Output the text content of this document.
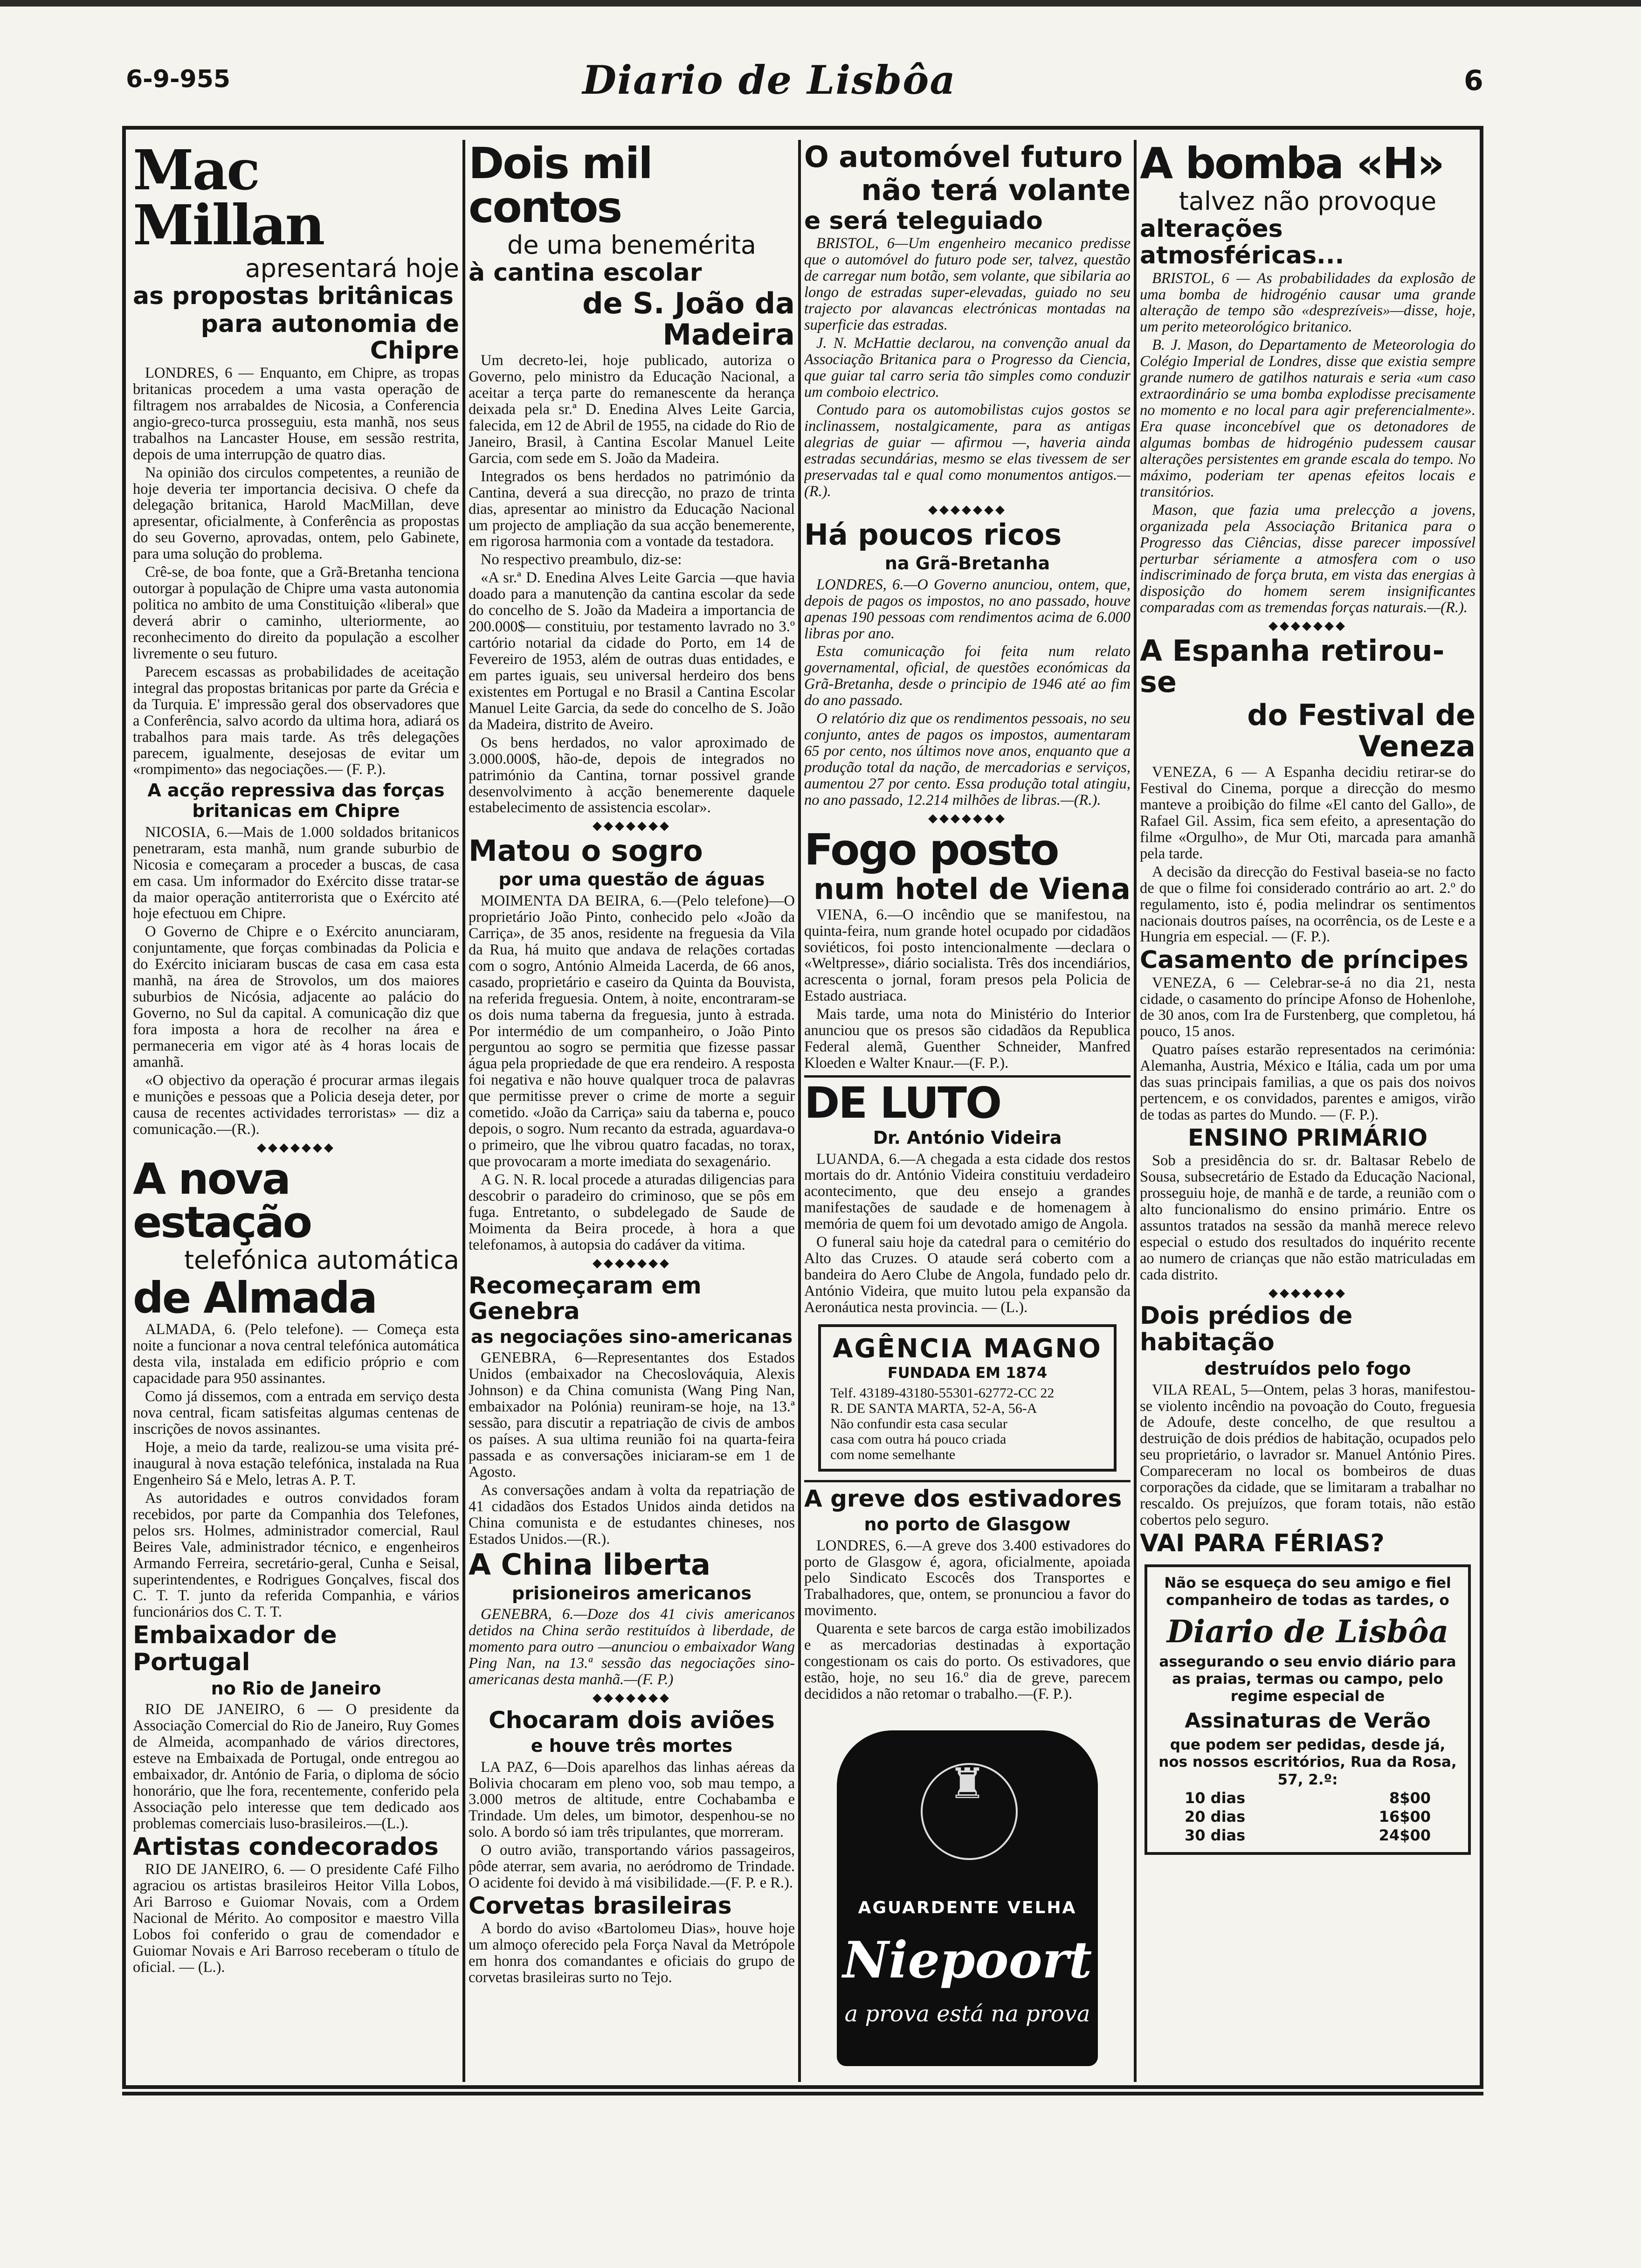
6-9-955	Diario de Lisbôa	6
Mac Millan
apresentará hoje
as propostas britânicas
para autonomia de Chipre

LONDRES, 6 — Enquanto, em Chipre, as tropas britanicas procedem a uma vasta operação de filtragem nos arrabaldes de Nicosia, a Conferencia angio-greco-turca prosseguiu, esta manhã, nos seus trabalhos na Lancaster House, em sessão restrita, depois de uma interrupção de quatro dias.

Na opinião dos circulos competentes, a reunião de hoje deveria ter importancia decisiva. O chefe da delegação britanica, Harold MacMillan, deve apresentar, oficialmente, à Conferência as propostas do seu Governo, aprovadas, ontem, pelo Gabinete, para uma solução do problema.

Crê-se, de boa fonte, que a Grã-Bretanha tenciona outorgar à população de Chipre uma vasta autonomia politica no ambito de uma Constituição «liberal» que deverá abrir o caminho, ulteriormente, ao reconhecimento do direito da população a escolher livremente o seu futuro.

Parecem escassas as probabilidades de aceitação integral das propostas britanicas por parte da Grécia e da Turquia. E' impressão geral dos observadores que a Conferência, salvo acordo da ultima hora, adiará os trabalhos para mais tarde. As três delegações parecem, igualmente, desejosas de evitar um «rompimento» das negociações.— (F. P.).

A acção repressiva das forças britanicas em Chipre

NICOSIA, 6.—Mais de 1.000 soldados britanicos penetraram, esta manhã, num grande suburbio de Nicosia e começaram a proceder a buscas, de casa em casa. Um informador do Exército disse tratar-se da maior operação antiterrorista que o Exército até hoje efectuou em Chipre.

O Governo de Chipre e o Exército anunciaram, conjuntamente, que forças combinadas da Policia e do Exército iniciaram buscas de casa em casa esta manhã, na área de Strovolos, um dos maiores suburbios de Nicósia, adjacente ao palácio do Governo, no Sul da capital. A comunicação diz que fora imposta a hora de recolher na área e permaneceria em vigor até às 4 horas locais de amanhã.

«O objectivo da operação é procurar armas ilegais e munições e pessoas que a Policia deseja deter, por causa de recentes actividades terroristas» — diz a comunicação.—(R.).

◆◆◆◆◆◆◆
A nova estação
telefónica automática
de Almada

ALMADA, 6. (Pelo telefone). — Começa esta noite a funcionar a nova central telefónica automática desta vila, instalada em edificio próprio e com capacidade para 950 assinantes.

Como já dissemos, com a entrada em serviço desta nova central, ficam satisfeitas algumas centenas de inscrições de novos assinantes.

Hoje, a meio da tarde, realizou-se uma visita pré-inaugural à nova estação telefónica, instalada na Rua Engenheiro Sá e Melo, letras A. P. T.

As autoridades e outros convidados foram recebidos, por parte da Companhia dos Telefones, pelos srs. Holmes, administrador comercial, Raul Beires Vale, administrador técnico, e engenheiros Armando Ferreira, secretário-geral, Cunha e Seisal, superintendentes, e Rodrigues Gonçalves, fiscal dos C. T. T. junto da referida Companhia, e vários funcionários dos C. T. T.

Embaixador de Portugal
no Rio de Janeiro

RIO DE JANEIRO, 6 — O presidente da Associação Comercial do Rio de Janeiro, Ruy Gomes de Almeida, acompanhado de vários directores, esteve na Embaixada de Portugal, onde entregou ao embaixador, dr. António de Faria, o diploma de sócio honorário, que lhe fora, recentemente, conferido pela Associação pelo interesse que tem dedicado aos problemas comerciais luso-brasileiros.—(L.).

Artistas condecorados

RIO DE JANEIRO, 6. — O presidente Café Filho agraciou os artistas brasileiros Heitor Villa Lobos, Ari Barroso e Guiomar Novais, com a Ordem Nacional de Mérito. Ao compositor e maestro Villa Lobos foi conferido o grau de comendador e Guiomar Novais e Ari Barroso receberam o título de oficial. — (L.).

Dois mil contos
de uma benemérita
à cantina escolar
de S. João da Madeira

Um decreto-lei, hoje publicado, autoriza o Governo, pelo ministro da Educação Nacional, a aceitar a terça parte do remanescente da herança deixada pela sr.ª D. Enedina Alves Leite Garcia, falecida, em 12 de Abril de 1955, na cidade do Rio de Janeiro, Brasil, à Cantina Escolar Manuel Leite Garcia, com sede em S. João da Madeira.

Integrados os bens herdados no património da Cantina, deverá a sua direcção, no prazo de trinta dias, apresentar ao ministro da Educação Nacional um projecto de ampliação da sua acção benemerente, em rigorosa harmonia com a vontade da testadora.

No respectivo preambulo, diz-se:

«A sr.ª D. Enedina Alves Leite Garcia —que havia doado para a manutenção da cantina escolar da sede do concelho de S. João da Madeira a importancia de 200.000$— constituiu, por testamento lavrado no 3.º cartório notarial da cidade do Porto, em 14 de Fevereiro de 1953, além de outras duas entidades, e em partes iguais, seu universal herdeiro dos bens existentes em Portugal e no Brasil a Cantina Escolar Manuel Leite Garcia, da sede do concelho de S. João da Madeira, distrito de Aveiro.

Os bens herdados, no valor aproximado de 3.000.000$, hão-de, depois de integrados no património da Cantina, tornar possivel grande desenvolvimento à acção benemerente daquele estabelecimento de assistencia escolar».

◆◆◆◆◆◆◆
Matou o sogro
por uma questão de águas

MOIMENTA DA BEIRA, 6.—(Pelo telefone)—O proprietário João Pinto, conhecido pelo «João da Carriça», de 35 anos, residente na freguesia da Vila da Rua, há muito que andava de relações cortadas com o sogro, António Almeida Lacerda, de 66 anos, casado, proprietário e caseiro da Quinta da Bouvista, na referida freguesia. Ontem, à noite, encontraram-se os dois numa taberna da freguesia, junto à estrada. Por intermédio de um companheiro, o João Pinto perguntou ao sogro se permitia que fizesse passar água pela propriedade de que era rendeiro. A resposta foi negativa e não houve qualquer troca de palavras que permitisse prever o crime de morte a seguir cometido. «João da Carriça» saiu da taberna e, pouco depois, o sogro. Num recanto da estrada, aguardava-o o primeiro, que lhe vibrou quatro facadas, no torax, que provocaram a morte imediata do sexagenário.

A G. N. R. local procede a aturadas diligencias para descobrir o paradeiro do criminoso, que se pôs em fuga. Entretanto, o subdelegado de Saude de Moimenta da Beira procede, à hora a que telefonamos, à autopsia do cadáver da vitima.

◆◆◆◆◆◆◆
Recomeçaram em Genebra
as negociações sino-americanas

GENEBRA, 6—Representantes dos Estados Unidos (embaixador na Checoslováquia, Alexis Johnson) e da China comunista (Wang Ping Nan, embaixador na Polónia) reuniram-se hoje, na 13.ª sessão, para discutir a repatriação de civis de ambos os países. A sua ultima reunião foi na quarta-feira passada e as conversações iniciaram-se em 1 de Agosto.

As conversações andam à volta da repatriação de 41 cidadãos dos Estados Unidos ainda detidos na China comunista e de estudantes chineses, nos Estados Unidos.—(R.).

A China liberta
prisioneiros americanos

GENEBRA, 6.—Doze dos 41 civis americanos detidos na China serão restituídos à liberdade, de momento para outro —anunciou o embaixador Wang Ping Nan, na 13.ª sessão das negociações sino-americanas desta manhã.—(F. P.)

◆◆◆◆◆◆◆
Chocaram dois aviões
e houve três mortes

LA PAZ, 6—Dois aparelhos das linhas aéreas da Bolivia chocaram em pleno voo, sob mau tempo, a 3.000 metros de altitude, entre Cochabamba e Trindade. Um deles, um bimotor, despenhou-se no solo. A bordo só iam três tripulantes, que morreram.

O outro avião, transportando vários passageiros, pôde aterrar, sem avaria, no aeródromo de Trindade. O acidente foi devido à má visibilidade.—(F. P. e R.).

Corvetas brasileiras

A bordo do aviso «Bartolomeu Dias», houve hoje um almoço oferecido pela Força Naval da Metrópole em honra dos comandantes e oficiais do grupo de corvetas brasileiras surto no Tejo.

O automóvel futuro
não terá volante
e será teleguiado

BRISTOL, 6—Um engenheiro mecanico predisse que o automóvel do futuro pode ser, talvez, questão de carregar num botão, sem volante, que sibilaria ao longo de estradas super-elevadas, guiado no seu trajecto por alavancas electrónicas montadas na superficie das estradas.

J. N. McHattie declarou, na convenção anual da Associação Britanica para o Progresso da Ciencia, que guiar tal carro seria tão simples como conduzir um comboio electrico.

Contudo para os automobilistas cujos gostos se inclinassem, nostalgicamente, para as antigas alegrias de guiar — afirmou —, haveria ainda estradas secundárias, mesmo se elas tivessem de ser preservadas tal e qual como monumentos antigos.—(R.).

◆◆◆◆◆◆◆
Há poucos ricos
na Grã-Bretanha

LONDRES, 6.—O Governo anunciou, ontem, que, depois de pagos os impostos, no ano passado, houve apenas 190 pessoas com rendimentos acima de 6.000 libras por ano.

Esta comunicação foi feita num relato governamental, oficial, de questões económicas da Grã-Bretanha, desde o principio de 1946 até ao fim do ano passado.

O relatório diz que os rendimentos pessoais, no seu conjunto, antes de pagos os impostos, aumentaram 65 por cento, nos últimos nove anos, enquanto que a produção total da nação, de mercadorias e serviços, aumentou 27 por cento. Essa produção total atingiu, no ano passado, 12.214 milhões de libras.—(R.).

◆◆◆◆◆◆◆
Fogo posto
num hotel de Viena

VIENA, 6.—O incêndio que se manifestou, na quinta-feira, num grande hotel ocupado por cidadãos soviéticos, foi posto intencionalmente —declara o «Weltpresse», diário socialista. Três dos incendiários, acrescenta o jornal, foram presos pela Policia de Estado austriaca.

Mais tarde, uma nota do Ministério do Interior anunciou que os presos são cidadãos da Republica Federal alemã, Guenther Schneider, Manfred Kloeden e Walter Knaur.—(F. P.).

DE LUTO
Dr. António Videira

LUANDA, 6.—A chegada a esta cidade dos restos mortais do dr. António Videira constituiu verdadeiro acontecimento, que deu ensejo a grandes manifestações de saudade e de homenagem à memória de quem foi um devotado amigo de Angola.

O funeral saiu hoje da catedral para o cemitério do Alto das Cruzes. O ataude será coberto com a bandeira do Aero Clube de Angola, fundado pelo dr. António Videira, que muito lutou pela expansão da Aeronáutica nesta provincia. — (L.).

AGÊNCIA MAGNO
FUNDADA EM 1874
Telf. 43189-43180-55301-62772-CC 22
R. DE SANTA MARTA, 52-A, 56-A
Não confundir esta casa secular
casa com outra há pouco criada
com nome semelhante
A greve dos estivadores
no porto de Glasgow

LONDRES, 6.—A greve dos 3.400 estivadores do porto de Glasgow é, agora, oficialmente, apoiada pelo Sindicato Escocês dos Transportes e Trabalhadores, que, ontem, se pronunciou a favor do movimento.

Quarenta e sete barcos de carga estão imobilizados e as mercadorias destinadas à exportação congestionam os cais do porto. Os estivadores, que estão, hoje, no seu 16.º dia de greve, parecem decididos a não retomar o trabalho.—(F. P.).

♜
AGUARDENTE VELHA
Niepoort
a prova está na prova
A bomba «H»
talvez não provoque
alterações atmosféricas...

BRISTOL, 6 — As probabilidades da explosão de uma bomba de hidrogénio causar uma grande alteração de tempo são «desprezíveis»—disse, hoje, um perito meteorológico britanico.

B. J. Mason, do Departamento de Meteorologia do Colégio Imperial de Londres, disse que existia sempre grande numero de gatilhos naturais e seria «um caso extraordinário se uma bomba explodisse precisamente no momento e no local para agir preferencialmente». Era quase inconcebível que os detonadores de algumas bombas de hidrogénio pudessem causar alterações persistentes em grande escala do tempo. No máximo, poderiam ter apenas efeitos locais e transitórios.

Mason, que fazia uma prelecção a jovens, organizada pela Associação Britanica para o Progresso das Ciências, disse parecer impossível perturbar sériamente a atmosfera com o uso indiscriminado de força bruta, em vista das energias à disposição do homem serem insignificantes comparadas com as tremendas forças naturais.—(R.).

◆◆◆◆◆◆◆
A Espanha retirou-se
do Festival de Veneza

VENEZA, 6 — A Espanha decidiu retirar-se do Festival do Cinema, porque a direcção do mesmo manteve a proibição do filme «El canto del Gallo», de Rafael Gil. Assim, fica sem efeito, a apresentação do filme «Orgulho», de Mur Oti, marcada para amanhã pela tarde.

A decisão da direcção do Festival baseia-se no facto de que o filme foi considerado contrário ao art. 2.º do regulamento, isto é, podia melindrar os sentimentos nacionais doutros países, na ocorrência, os de Leste e a Hungria em especial. — (F. P.).

Casamento de príncipes

VENEZA, 6 — Celebrar-se-á no dia 21, nesta cidade, o casamento do príncipe Afonso de Hohenlohe, de 30 anos, com Ira de Furstenberg, que completou, há pouco, 15 anos.

Quatro países estarão representados na cerimónia: Alemanha, Austria, México e Itália, cada um por uma das suas principais familias, a que os pais dos noivos pertencem, e os convidados, parentes e amigos, virão de todas as partes do Mundo. — (F. P.).

ENSINO PRIMÁRIO

Sob a presidência do sr. dr. Baltasar Rebelo de Sousa, subsecretário de Estado da Educação Nacional, prosseguiu hoje, de manhã e de tarde, a reunião com o alto funcionalismo do ensino primário. Entre os assuntos tratados na sessão da manhã merece relevo especial o estudo dos resultados do inquérito recente ao numero de crianças que não estão matriculadas em cada distrito.

◆◆◆◆◆◆◆
Dois prédios de habitação
destruídos pelo fogo

VILA REAL, 5—Ontem, pelas 3 horas, manifestou-se violento incêndio na povoação do Couto, freguesia de Adoufe, deste concelho, de que resultou a destruição de dois prédios de habitação, ocupados pelo seu proprietário, o lavrador sr. Manuel António Pires. Compareceram no local os bombeiros de duas corporações da cidade, que se limitaram a trabalhar no rescaldo. Os prejuízos, que foram totais, não estão cobertos pelo seguro.

VAI PARA FÉRIAS?
Não se esqueça do seu amigo e fiel companheiro de todas as tardes, o
Diario de Lisbôa
assegurando o seu envio diário para as praias, termas ou campo, pelo regime especial de
Assinaturas de Verão
que podem ser pedidas, desde já, nos nossos escritórios, Rua da Rosa, 57, 2.º:
10 dias	8$00
20 dias	16$00
30 dias	24$00
